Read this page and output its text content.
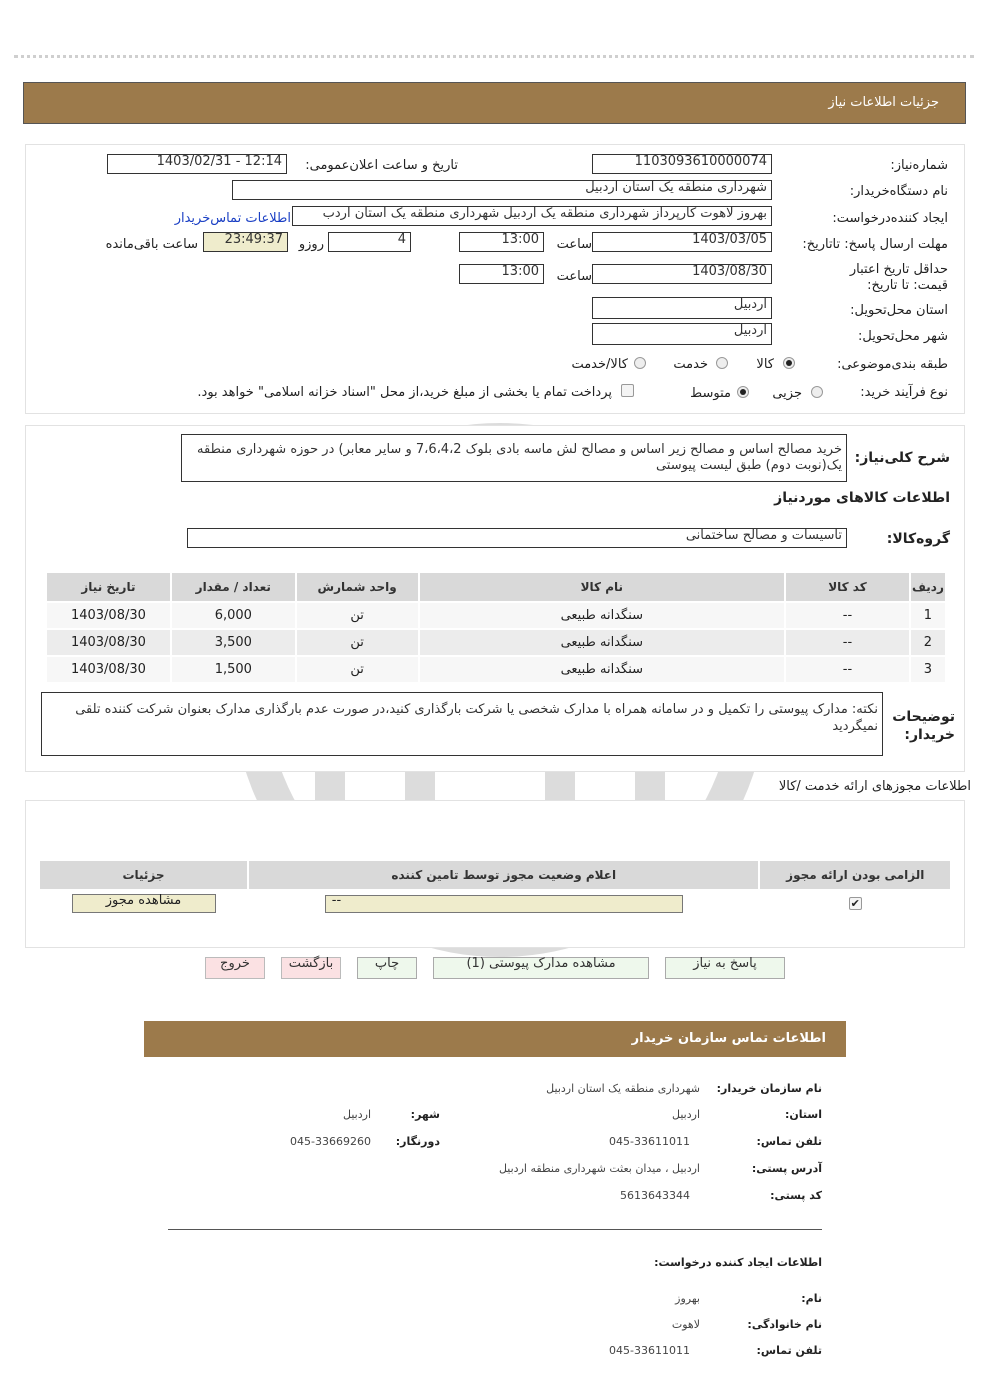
جزئیات اطلاعات نیاز
شماره‌نیاز:
1103093610000074
تاریخ و ساعت اعلان‌عمومی:
1403/02/31 - 12:14
نام دستگاه‌خریدار:
شهرداری منطقه یک استان اردبیل
ایجاد کننده‌درخواست:
بهروز لاهوت کارپرداز شهرداری منطقه یک اردبیل شهرداری منطقه یک استان اردب
اطلاعات تماس‌خریدار
مهلت ارسال پاسخ: تاتاریخ:
1403/03/05
ساعت
13:00
4
روزو
23:49:37
ساعت باقی‌مانده
حداقل تاریخ اعتبار قیمت: تا تاریخ:
1403/08/30
ساعت
13:00
استان محل‌تحویل:
اردبیل
شهر محل‌تحویل:
اردبیل
طبقه بندی‌موضوعی:
کالا
خدمت
کالا/خدمت
نوع فرآیند خرید:
جزیی
متوسط
پرداخت تمام یا بخشی از مبلغ خرید،از محل "اسناد خزانه اسلامی" خواهد بود.
شرح کلی‌نیاز:
خرید مصالح اساس و مصالح زیر اساس و مصالح لش ماسه بادی بلوک 7،6،4،2 و سایر معابر) در حوزه شهرداری منطقه یک(نوبت دوم) طبق لیست پیوستی
اطلاعات کالاهای موردنیاز
گروه‌کالا:
تاسیسات و مصالح ساختمانی
ردیف	کد کالا	نام کالا	واحد شمارش	تعداد / مقدار	تاریخ نیاز
1	--	سنگدانه طبیعی	تن	6,000	1403/08/30
2	--	سنگدانه طبیعی	تن	3,500	1403/08/30
3	--	سنگدانه طبیعی	تن	1,500	1403/08/30
توضیحات خریدار:
نکته: مدارک پیوستی را تکمیل و در سامانه همراه با مدارک شخصی یا شرکت بارگذاری کنید،در صورت عدم بارگذاری مدارک بعنوان شرکت کننده تلقی نمیگردید
اطلاعات مجوزهای ارائه خدمت /کالا
الزامی بودن ارائه مجوز	اعلام وضعیت مجوز توسط تامین کننده	جزئیات
✔	--	مشاهده مجوز
پاسخ به نیاز
مشاهده مدارک پیوستی (1)
چاپ
بازگشت
خروج
اطلاعات تماس سازمان خریدار
نام سازمان خریدار:
شهرداری منطقه یک استان اردبیل
استان:
اردبیل
شهر:
اردبیل
تلفن تماس:
045-33611011
دورنگار:
045-33669260
آدرس پستی:
اردبیل ، میدان بعثت شهرداری منطقه اردبیل
کد پستی:
5613643344
اطلاعات ایجاد کننده درخواست:
نام:
بهروز
نام خانوادگی:
لاهوت
تلفن تماس:
045-33611011
